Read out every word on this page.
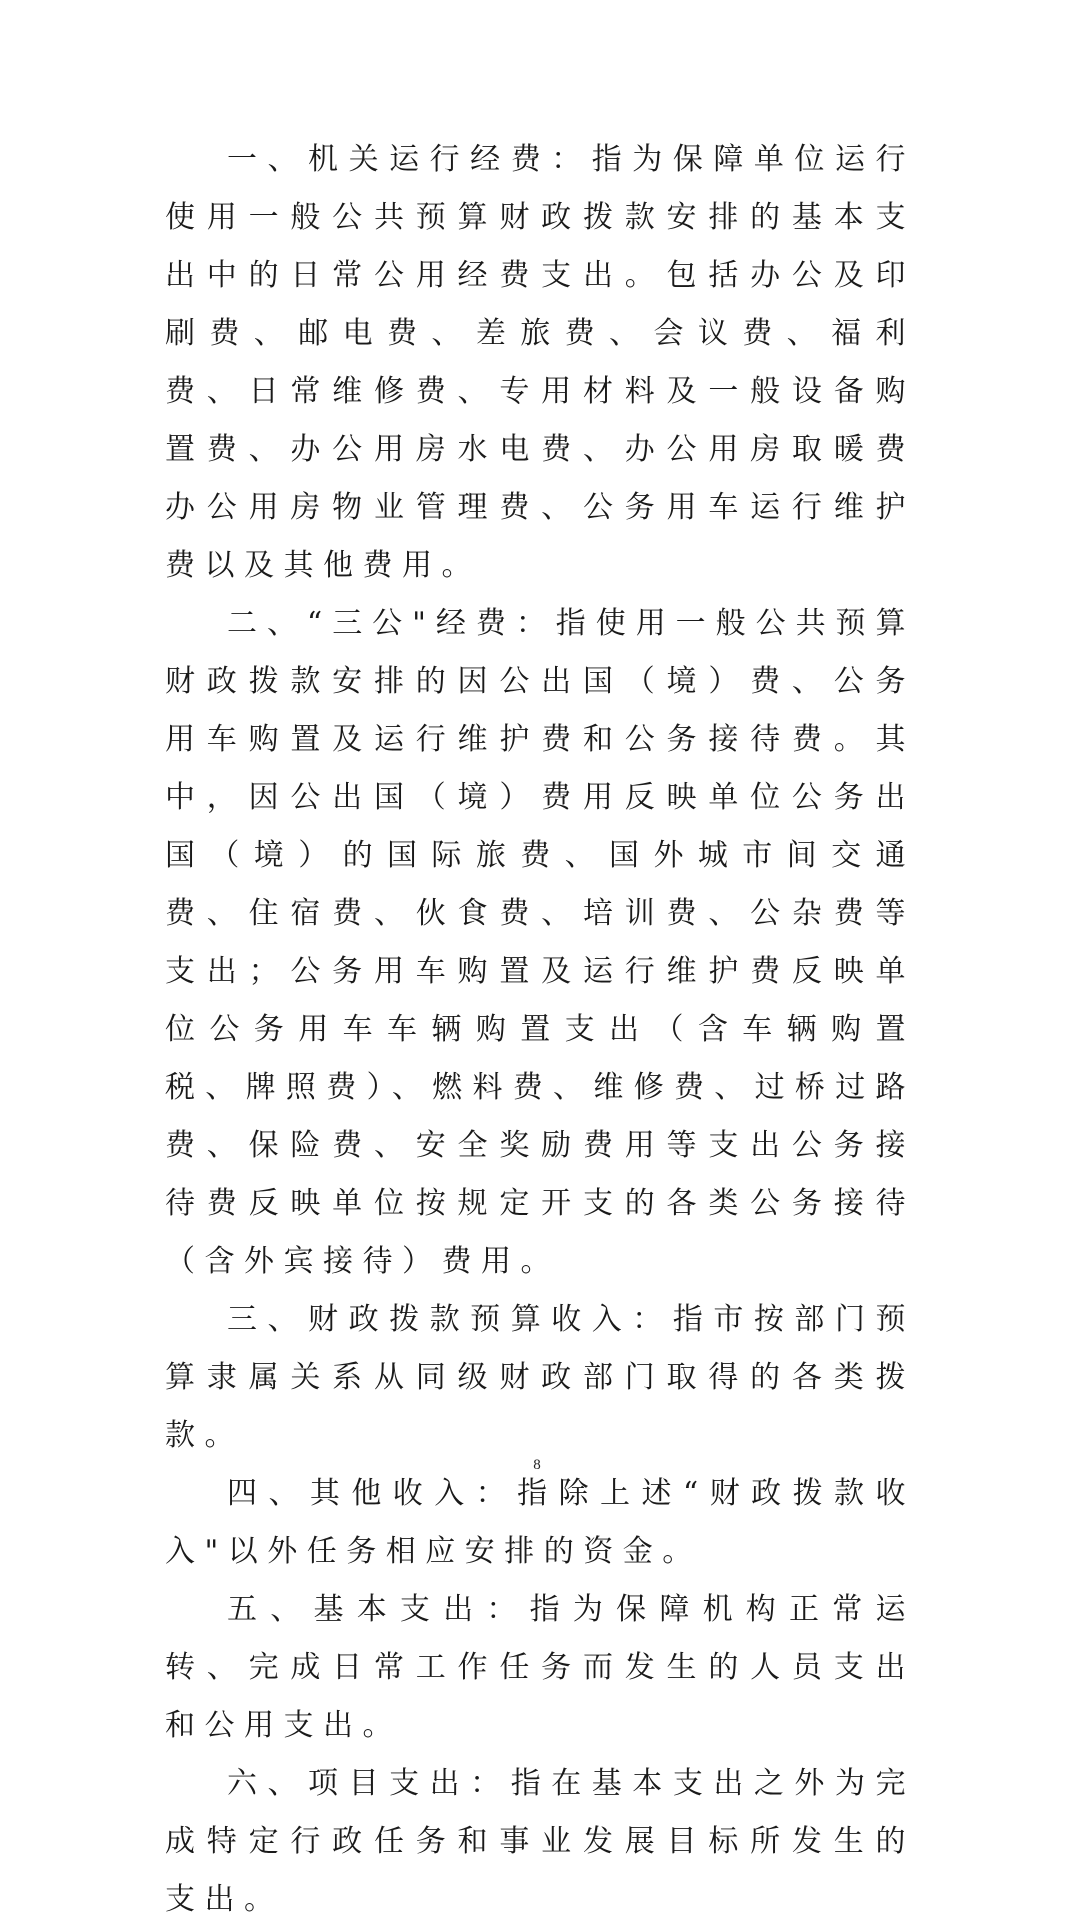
一、机关运行经费：指为保障单位运行使用一般公共预算财政拨款安排的基本支出中的日常公用经费支出。包括办公及印刷费、邮电费、差旅费、会议费、福利费、日常维修费、专用材料及一般设备购置费、办公用房水电费、办公用房取暖费办公用房物业管理费、公务用车运行维护费以及其他费用。

二、“三公"经费：指使用一般公共预算财政拨款安排的因公出国（境）费、公务用车购置及运行维护费和公务接待费。其中，因公出国（境）费用反映单位公务出国（境）的国际旅费、国外城市间交通费、住宿费、伙食费、培训费、公杂费等支出；公务用车购置及运行维护费反映单位公务用车车辆购置支出（含车辆购置税、牌照费）、燃料费、维修费、过桥过路费、保险费、安全奖励费用等支出公务接待费反映单位按规定开支的各类公务接待（含外宾接待）费用。

三、财政拨款预算收入：指市按部门预算隶属关系从同级财政部门取得的各类拨款。

四、其他收入：指除上述“财政拨款收入"以外任务相应安排的资金。

五、基本支出：指为保障机构正常运转、完成日常工作任务而发生的人员支出和公用支出。

六、项目支出：指在基本支出之外为完成特定行政任务和事业发展目标所发生的支出。

8
